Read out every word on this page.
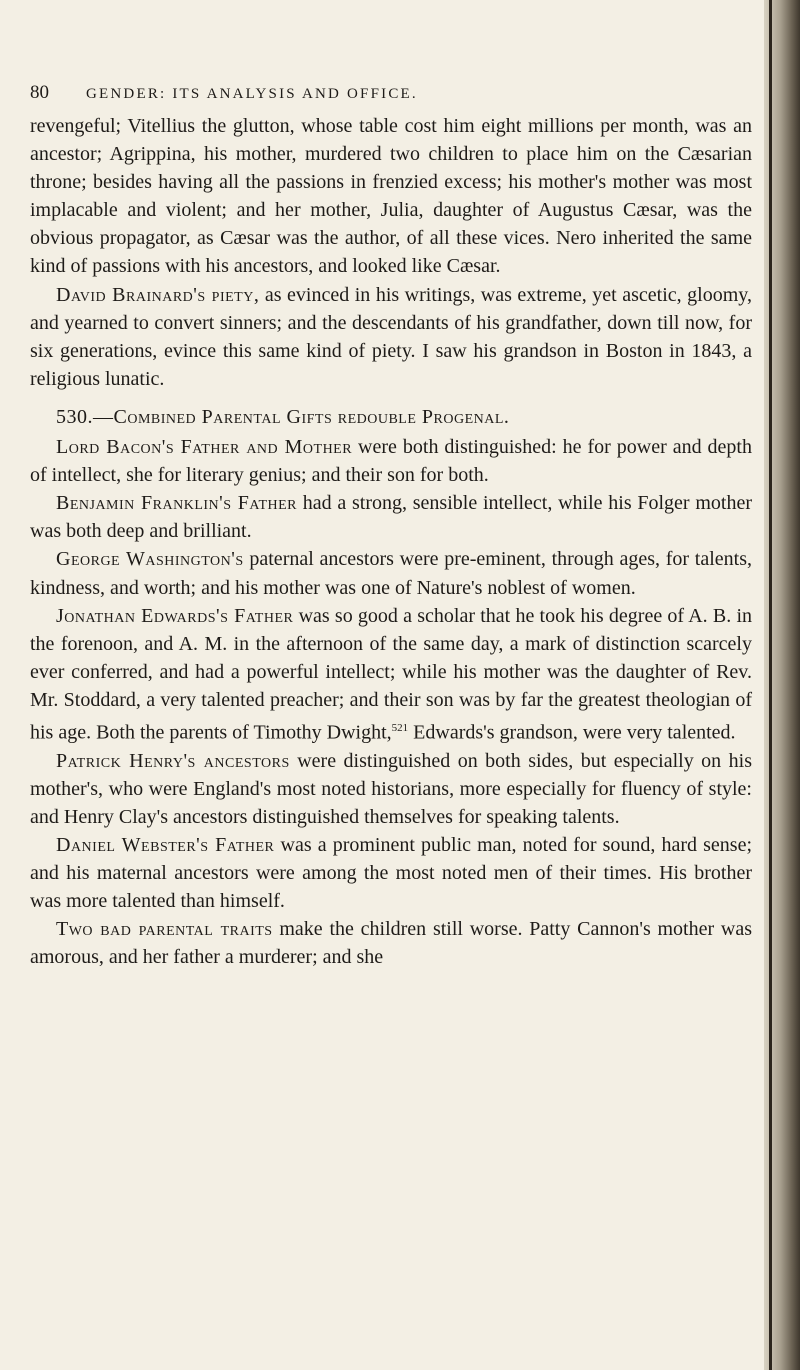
80 GENDER: ITS ANALYSIS AND OFFICE.

revengeful; Vitellius the glutton, whose table cost him eight millions per month, was an ancestor; Agrippina, his mother, murdered two children to place him on the Cæsarian throne; besides having all the passions in frenzied excess; his mother's mother was most implacable and violent; and her mother, Julia, daughter of Augustus Cæsar, was the obvious propagator, as Cæsar was the author, of all these vices. Nero inherited the same kind of passions with his ancestors, and looked like Cæsar.

David Brainard's piety, as evinced in his writings, was extreme, yet ascetic, gloomy, and yearned to convert sinners; and the descendants of his grandfather, down till now, for six generations, evince this same kind of piety. I saw his grandson in Boston in 1843, a religious lunatic.

530.—Combined Parental Gifts redouble Progenal.

Lord Bacon's Father and Mother were both distinguished: he for power and depth of intellect, she for literary genius; and their son for both.

Benjamin Franklin's Father had a strong, sensible intellect, while his Folger mother was both deep and brilliant.

George Washington's paternal ancestors were pre-eminent, through ages, for talents, kindness, and worth; and his mother was one of Nature's noblest of women.

Jonathan Edwards's Father was so good a scholar that he took his degree of A. B. in the forenoon, and A. M. in the afternoon of the same day, a mark of distinction scarcely ever conferred, and had a powerful intellect; while his mother was the daughter of Rev. Mr. Stoddard, a very talented preacher; and their son was by far the greatest theologian of his age. Both the parents of Timothy Dwight,$^{521}$ Edwards's grandson, were very talented.

Patrick Henry's ancestors were distinguished on both sides, but especially on his mother's, who were England's most noted historians, more especially for fluency of style: and Henry Clay's ancestors distinguished themselves for speaking talents.

Daniel Webster's Father was a prominent public man, noted for sound, hard sense; and his maternal ancestors were among the most noted men of their times. His brother was more talented than himself.

Two bad parental traits make the children still worse. Patty Cannon's mother was amorous, and her father a murderer; and she
